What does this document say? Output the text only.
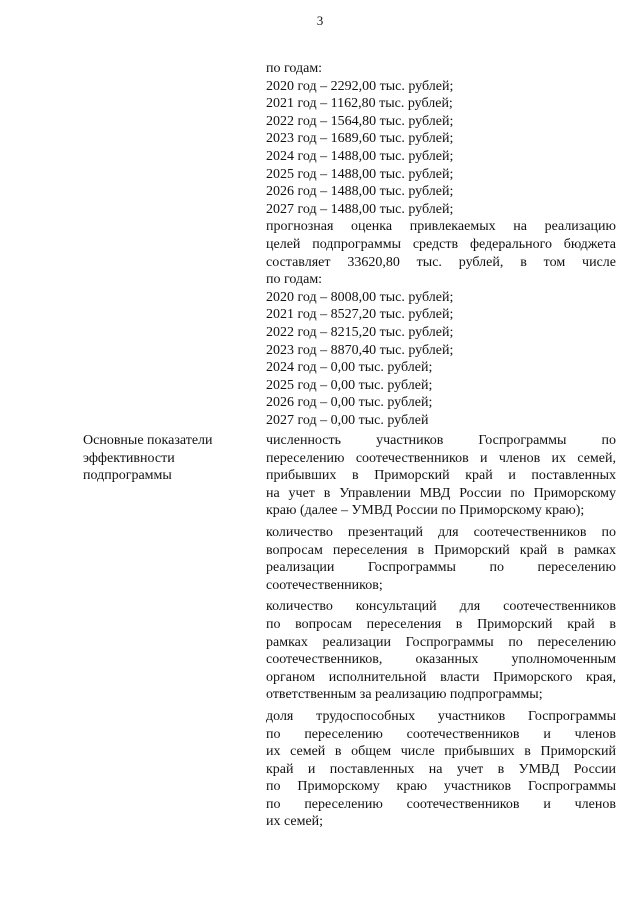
3
по годам:
2020 год – 2292,00 тыс. рублей;
2021 год – 1162,80 тыс. рублей;
2022 год – 1564,80 тыс. рублей;
2023 год – 1689,60 тыс. рублей;
2024 год – 1488,00 тыс. рублей;
2025 год – 1488,00 тыс. рублей;
2026 год – 1488,00 тыс. рублей;
2027 год – 1488,00 тыс. рублей;
прогнозная оценка привлекаемых на реализацию
целей подпрограммы средств федерального бюджета
составляет 33620,80 тыс. рублей, в том числе
по годам:
2020 год – 8008,00 тыс. рублей;
2021 год – 8527,20 тыс. рублей;
2022 год – 8215,20 тыс. рублей;
2023 год – 8870,40 тыс. рублей;
2024 год – 0,00 тыс. рублей;
2025 год – 0,00 тыс. рублей;
2026 год – 0,00 тыс. рублей;
2027 год – 0,00 тыс. рублей
Основные показатели
эффективности
подпрограммы
численность участников Госпрограммы по
переселению соотечественников и членов их семей,
прибывших в Приморский край и поставленных
на учет в Управлении МВД России по Приморскому
краю (далее – УМВД России по Приморскому краю);
количество презентаций для соотечественников по
вопросам переселения в Приморский край в рамках
реализации Госпрограммы по переселению
соотечественников;
количество консультаций для соотечественников
по вопросам переселения в Приморский край в
рамках реализации Госпрограммы по переселению
соотечественников, оказанных уполномоченным
органом исполнительной власти Приморского края,
ответственным за реализацию подпрограммы;
доля трудоспособных участников Госпрограммы
по переселению соотечественников и членов
их семей в общем числе прибывших в Приморский
край и поставленных на учет в УМВД России
по Приморскому краю участников Госпрограммы
по переселению соотечественников и членов
их семей;
